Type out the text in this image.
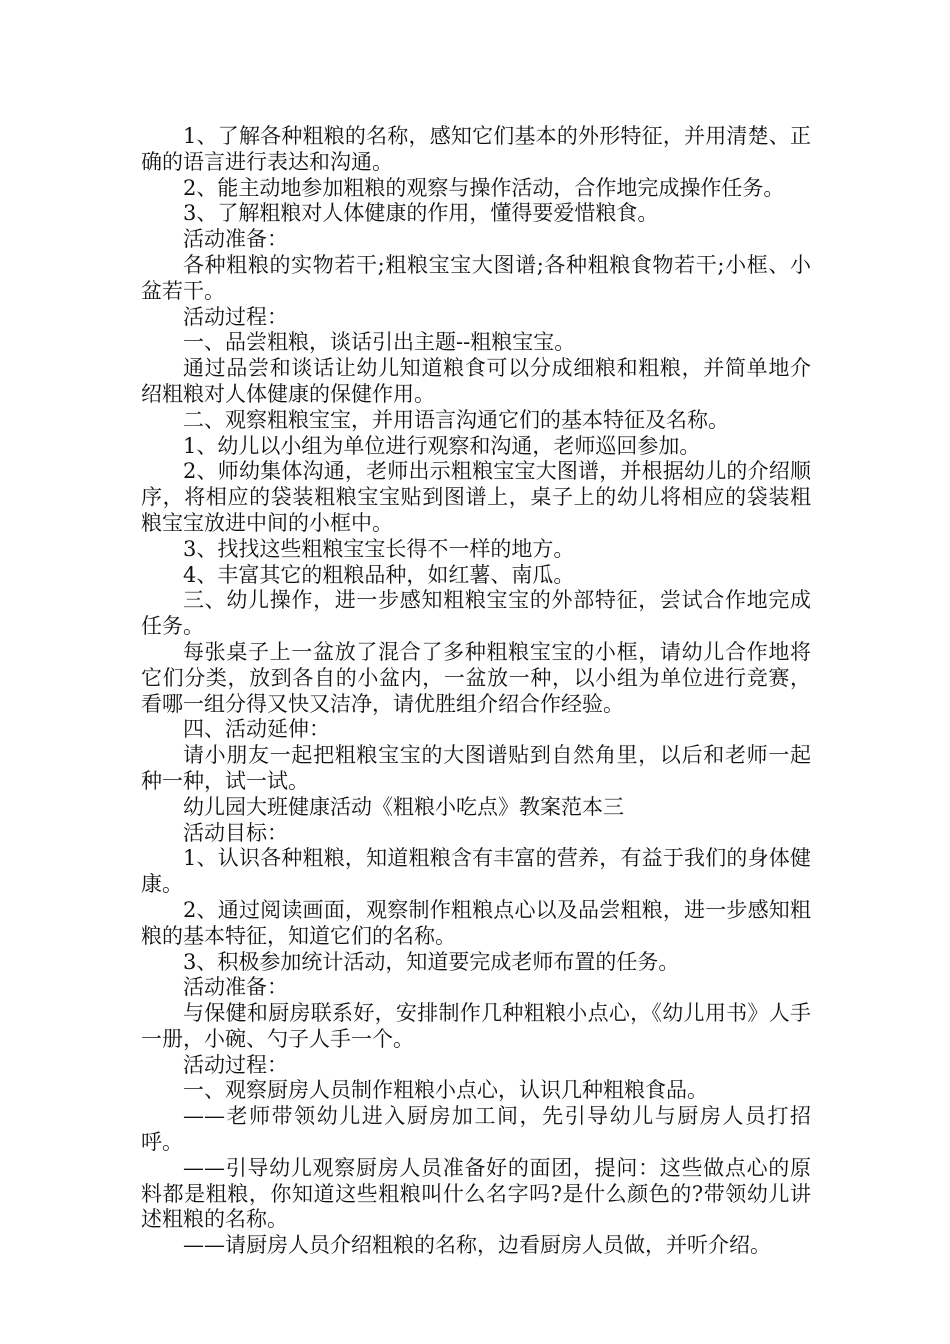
1、了解各种粗粮的名称，感知它们基本的外形特征，并用清楚、正确的语言进行表达和沟通。

2、能主动地参加粗粮的观察与操作活动，合作地完成操作任务。

3、了解粗粮对人体健康的作用，懂得要爱惜粮食。

活动准备：

各种粗粮的实物若干;粗粮宝宝大图谱;各种粗粮食物若干;小框、小盆若干。

活动过程：

一、品尝粗粮，谈话引出主题--粗粮宝宝。

通过品尝和谈话让幼儿知道粮食可以分成细粮和粗粮，并简单地介绍粗粮对人体健康的保健作用。

二、观察粗粮宝宝，并用语言沟通它们的基本特征及名称。

1、幼儿以小组为单位进行观察和沟通，老师巡回参加。

2、师幼集体沟通，老师出示粗粮宝宝大图谱，并根据幼儿的介绍顺序，将相应的袋装粗粮宝宝贴到图谱上，桌子上的幼儿将相应的袋装粗粮宝宝放进中间的小框中。

3、找找这些粗粮宝宝长得不一样的地方。

4、丰富其它的粗粮品种，如红薯、南瓜。

三、幼儿操作，进一步感知粗粮宝宝的外部特征，尝试合作地完成任务。

每张桌子上一盆放了混合了多种粗粮宝宝的小框，请幼儿合作地将它们分类，放到各自的小盆内，一盆放一种，以小组为单位进行竞赛，看哪一组分得又快又洁净，请优胜组介绍合作经验。

四、活动延伸：

请小朋友一起把粗粮宝宝的大图谱贴到自然角里，以后和老师一起种一种，试一试。

幼儿园大班健康活动《粗粮小吃点》教案范本三

活动目标：

1、认识各种粗粮，知道粗粮含有丰富的营养，有益于我们的身体健康。

2、通过阅读画面，观察制作粗粮点心以及品尝粗粮，进一步感知粗粮的基本特征，知道它们的名称。

3、积极参加统计活动，知道要完成老师布置的任务。

活动准备：

与保健和厨房联系好，安排制作几种粗粮小点心，《幼儿用书》人手一册，小碗、勺子人手一个。

活动过程：

一、观察厨房人员制作粗粮小点心，认识几种粗粮食品。

——老师带领幼儿进入厨房加工间，先引导幼儿与厨房人员打招呼。

——引导幼儿观察厨房人员准备好的面团，提问：这些做点心的原料都是粗粮，你知道这些粗粮叫什么名字吗?是什么颜色的?带领幼儿讲述粗粮的名称。

——请厨房人员介绍粗粮的名称，边看厨房人员做，并听介绍。
